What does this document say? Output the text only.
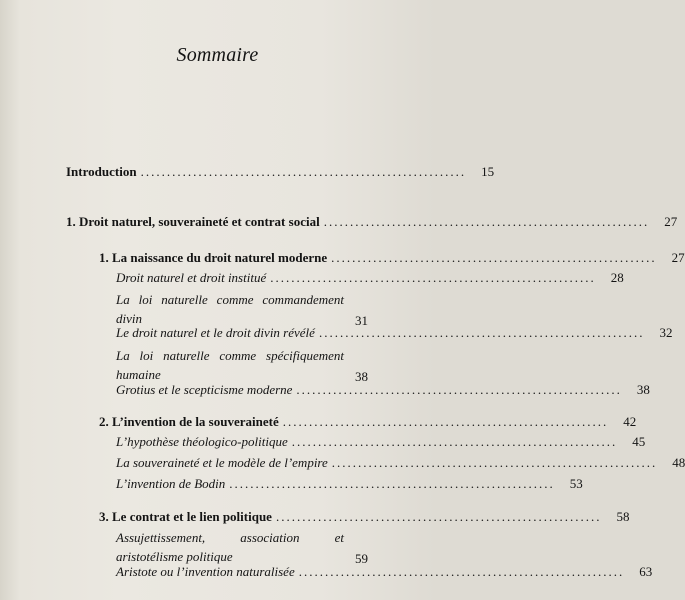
Sommaire
Introduction ..............................................................	15
1. Droit naturel, souveraineté et contrat social ..............................................................	27
1. La naissance du droit naturel moderne ..............................................................	27
Droit naturel et droit institué ..............................................................	28
La loi naturelle comme commandement divin	31
Le droit naturel et le droit divin révélé ..............................................................	32
La loi naturelle comme spécifiquement humaine	38
Grotius et le scepticisme moderne ..............................................................	38
2. L’invention de la souveraineté ..............................................................	42
L’hypothèse théologico-politique ..............................................................	45
La souveraineté et le modèle de l’empire ..............................................................	48
L’invention de Bodin ..............................................................	53
3. Le contrat et le lien politique ..............................................................	58
Assujettissement, association et aristotélisme politique	59
Aristote ou l’invention naturalisée ..............................................................	63
